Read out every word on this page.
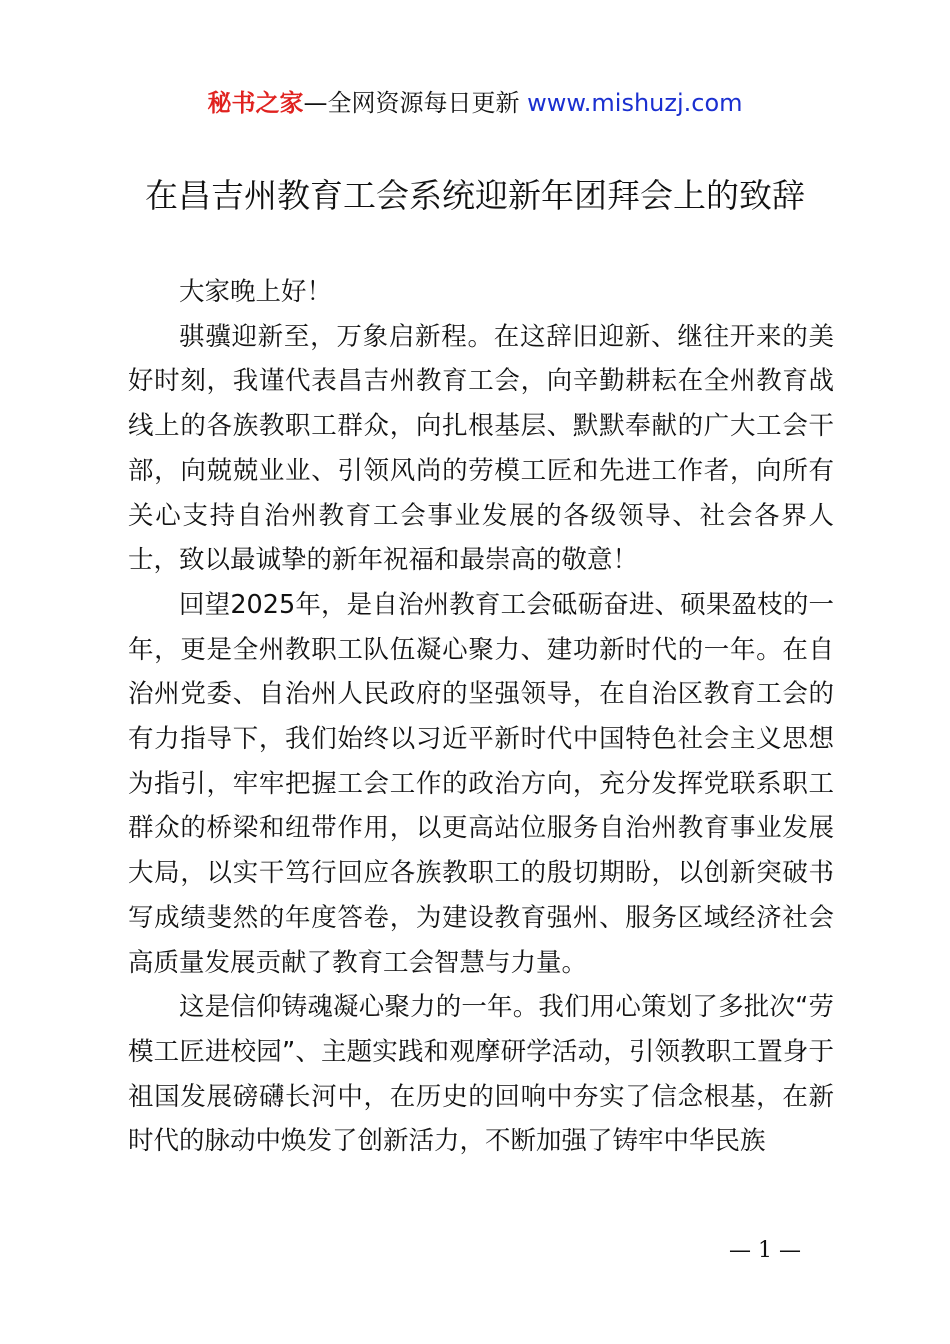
秘书之家—全网资源每日更新 www.mishuzj.com
在昌吉州教育工会系统迎新年团拜会上的致辞

大家晚上好！

骐骥迎新至，万象启新程。在这辞旧迎新、继往开来的美好时刻，我谨代表昌吉州教育工会，向辛勤耕耘在全州教育战线上的各族教职工群众，向扎根基层、默默奉献的广大工会干部，向兢兢业业、引领风尚的劳模工匠和先进工作者，向所有关心支持自治州教育工会事业发展的各级领导、社会各界人士，致以最诚挚的新年祝福和最崇高的敬意！

回望2025年，是自治州教育工会砥砺奋进、硕果盈枝的一年，更是全州教职工队伍凝心聚力、建功新时代的一年。在自治州党委、自治州人民政府的坚强领导，在自治区教育工会的有力指导下，我们始终以习近平新时代中国特色社会主义思想为指引，牢牢把握工会工作的政治方向，充分发挥党联系职工群众的桥梁和纽带作用，以更高站位服务自治州教育事业发展大局，以实干笃行回应各族教职工的殷切期盼，以创新突破书写成绩斐然的年度答卷，为建设教育强州、服务区域经济社会高质量发展贡献了教育工会智慧与力量。

这是信仰铸魂凝心聚力的一年。我们用心策划了多批次“劳模工匠进校园”、主题实践和观摩研学活动，引领教职工置身于祖国发展磅礴长河中，在历史的回响中夯实了信念根基，在新时代的脉动中焕发了创新活力，不断加强了铸牢中华民族

— 1 —
